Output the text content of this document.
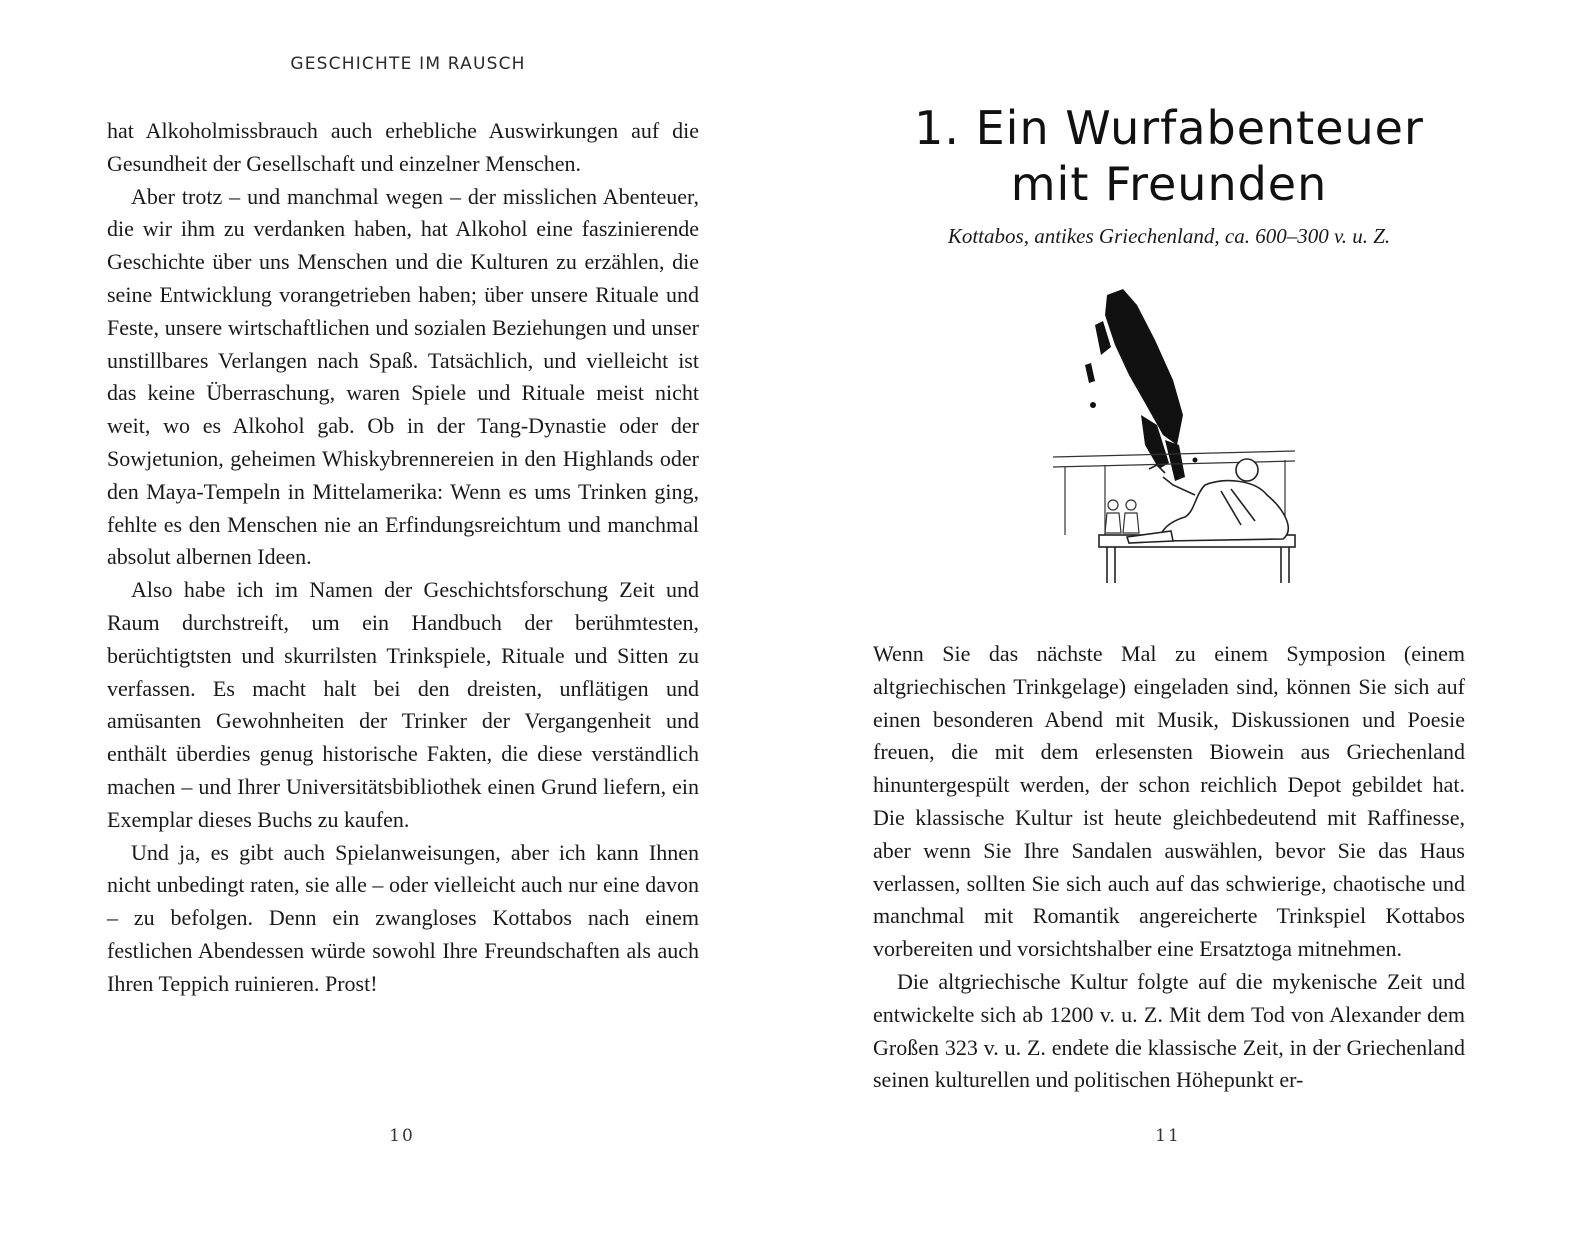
GESCHICHTE IM RAUSCH

hat Alkoholmissbrauch auch erhebliche Auswirkungen auf die Gesundheit der Gesellschaft und einzelner Menschen.

Aber trotz – und manchmal wegen – der misslichen Abenteuer, die wir ihm zu verdanken haben, hat Alkohol eine faszinierende Geschichte über uns Menschen und die Kulturen zu erzählen, die seine Entwicklung vorangetrieben haben; über unsere Rituale und Feste, unsere wirtschaftlichen und sozialen Beziehungen und unser unstillbares Verlangen nach Spaß. Tatsächlich, und vielleicht ist das keine Überraschung, waren Spiele und Rituale meist nicht weit, wo es Alkohol gab. Ob in der Tang-Dynastie oder der Sowjetunion, geheimen Whiskybrennereien in den Highlands oder den Maya-Tempeln in Mittelamerika: Wenn es ums Trinken ging, fehlte es den Menschen nie an Erfindungsreichtum und manchmal absolut albernen Ideen.

Also habe ich im Namen der Geschichtsforschung Zeit und Raum durchstreift, um ein Handbuch der berühmtesten, berüchtigtsten und skurrilsten Trinkspiele, Rituale und Sitten zu verfassen. Es macht halt bei den dreisten, unflätigen und amüsanten Gewohnheiten der Trinker der Vergangenheit und enthält überdies genug historische Fakten, die diese verständlich machen – und Ihrer Universitätsbibliothek einen Grund liefern, ein Exemplar dieses Buchs zu kaufen.

Und ja, es gibt auch Spielanweisungen, aber ich kann Ihnen nicht unbedingt raten, sie alle – oder vielleicht auch nur eine davon – zu befolgen. Denn ein zwangloses Kottabos nach einem festlichen Abendessen würde sowohl Ihre Freundschaften als auch Ihren Teppich ruinieren. Prost!

10
1. Ein Wurfabenteuer
mit Freunden
Kottabos, antikes Griechenland, ca. 600–300 v. u. Z.

Wenn Sie das nächste Mal zu einem Symposion (einem altgriechischen Trinkgelage) eingeladen sind, können Sie sich auf einen besonderen Abend mit Musik, Diskussionen und Poesie freuen, die mit dem erlesensten Biowein aus Griechenland hinuntergespült werden, der schon reichlich Depot gebildet hat. Die klassische Kultur ist heute gleichbedeutend mit Raffinesse, aber wenn Sie Ihre Sandalen auswählen, bevor Sie das Haus verlassen, sollten Sie sich auch auf das schwierige, chaotische und manchmal mit Romantik angereicherte Trinkspiel Kottabos vorbereiten und vorsichtshalber eine Ersatztoga mitnehmen.

Die altgriechische Kultur folgte auf die mykenische Zeit und entwickelte sich ab 1200 v. u. Z. Mit dem Tod von Alexander dem Großen 323 v. u. Z. endete die klassische Zeit, in der Griechenland seinen kulturellen und politischen Höhepunkt er-

11
